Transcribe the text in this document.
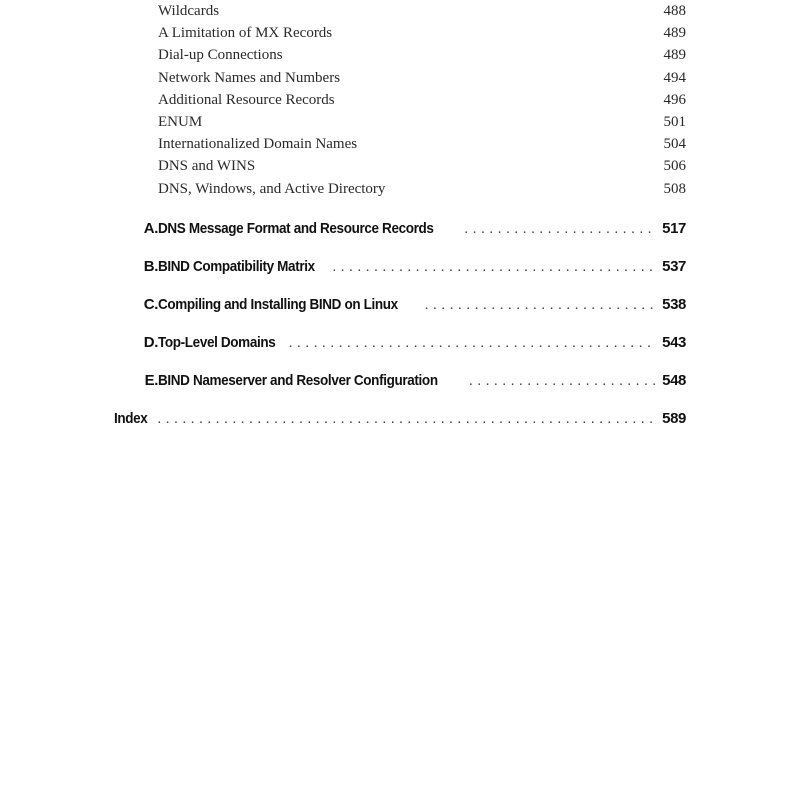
Wildcards	488
A Limitation of MX Records	489
Dial-up Connections	489
Network Names and Numbers	494
Additional Resource Records	496
ENUM	501
Internationalized Domain Names	504
DNS and WINS	506
DNS, Windows, and Active Directory	508
A. DNS Message Format and Resource Records . . .	517
B. BIND Compatibility Matrix . . .	537
C. Compiling and Installing BIND on Linux . . .	538
D. Top-Level Domains . . .	543
E. BIND Nameserver and Resolver Configuration . . .	548
Index . . .	589
